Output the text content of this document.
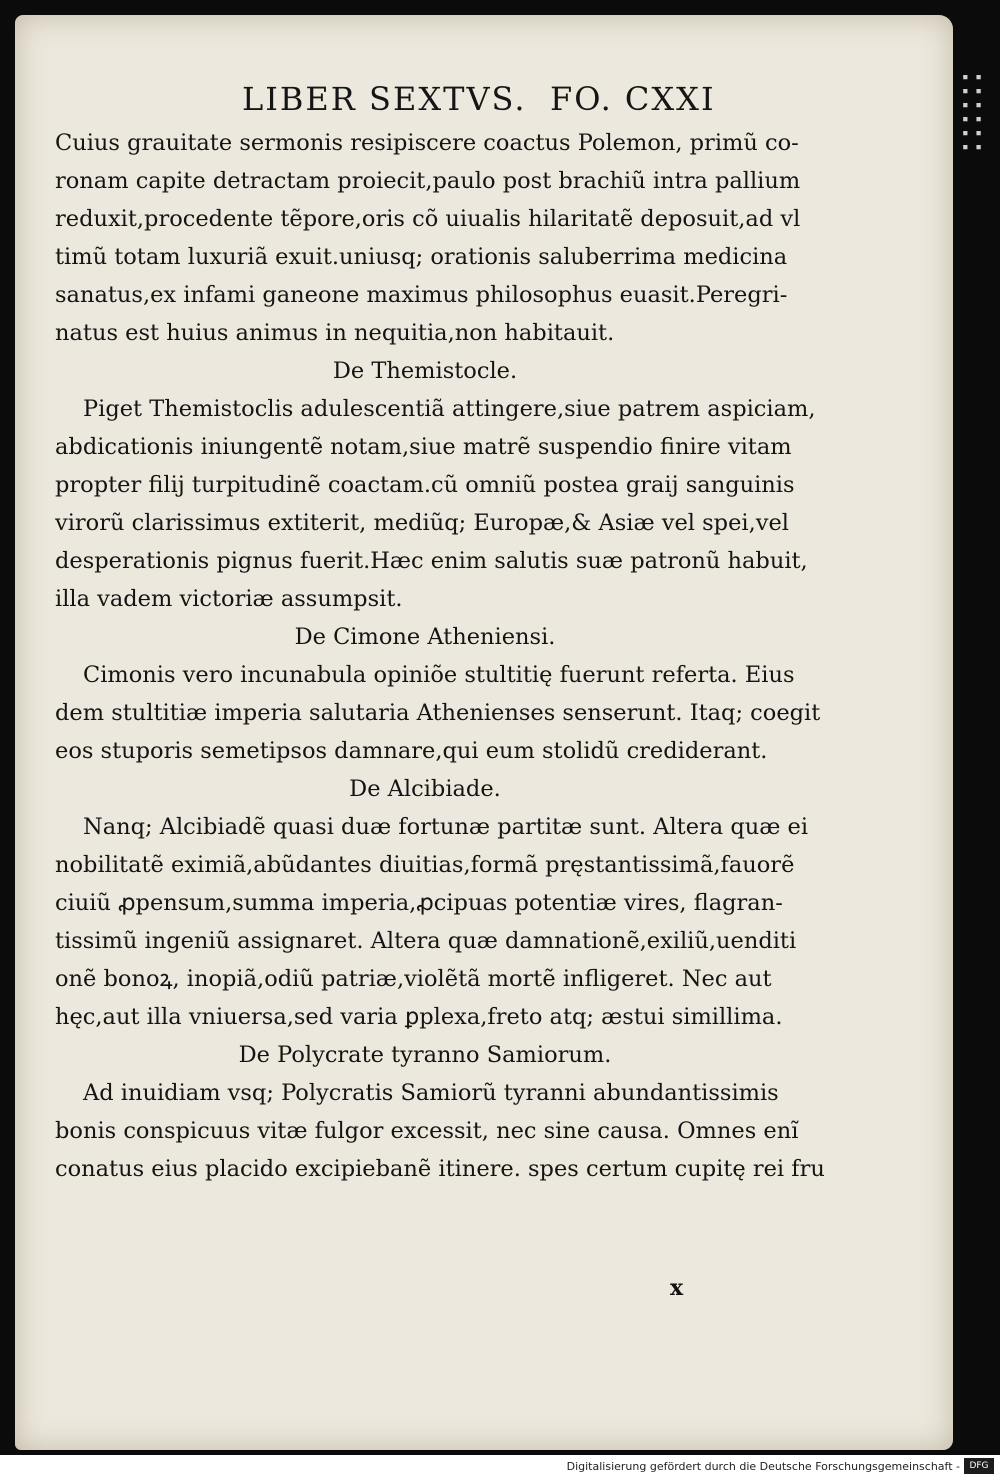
▪ ▪
▪ ▪
▪ ▪
▪ ▪
▪ ▪
▪ ▪
LIBER SEXTVS. FO. CXXI
Cuius grauitate sermonis resipiscere coactus Polemon, primũ co-
ronam capite detractam proiecit,paulo post brachiũ intra pallium
reduxit,procedente tẽpore,oris cõ uiualis hilaritatẽ deposuit,ad vl
timũ totam luxuriã exuit.uniusq; orationis saluberrima medicina
sanatus,ex infami ganeone maximus philosophus euasit.Peregri-
natus est huius animus in nequitia,non habitauit.
De Themistocle.
Piget Themistoclis adulescentiã attingere,siue patrem aspiciam,
abdicationis iniungentẽ notam,siue matrẽ suspendio finire vitam
propter filij turpitudinẽ coactam.cũ omniũ postea graij sanguinis
virorũ clarissimus extiterit, mediũq; Europæ,& Asiæ vel spei,vel
desperationis pignus fuerit.Hæc enim salutis suæ patronũ habuit,
illa vadem victoriæ assumpsit.
De Cimone Atheniensi.
Cimonis vero incunabula opiniõe stultitię fuerunt referta. Eius
dem stultitiæ imperia salutaria Athenienses senserunt. Itaq; coegit
eos stuporis semetipsos damnare,qui eum stolidũ crediderant.
De Alcibiade.
Nanq; Alcibiadẽ quasi duæ fortunæ partitæ sunt. Altera quæ ei
nobilitatẽ eximiã,abũdantes diuitias,formã pręstantissimã,fauorẽ
ciuiũ ꝓpensum,summa imperia,ꝓcipuas potentiæ vires, flagran-
tissimũ ingeniũ assignaret. Altera quæ damnationẽ,exiliũ,uenditi
onẽ bonoꝝ, inopiã,odiũ patriæ,violẽtã mortẽ infligeret. Nec aut
hęc,aut illa vniuersa,sed varia ꝑplexa,freto atq; æstui simillima.
De Polycrate tyranno Samiorum.
Ad inuidiam vsq; Polycratis Samiorũ tyranni abundantissimis
bonis conspicuus vitæ fulgor excessit, nec sine causa. Omnes enĩ
conatus eius placido excipiebanẽ itinere. spes certum cupitę rei fru
x
Digitalisierung gefördert durch die Deutsche Forschungsgemeinschaft -	DFG
